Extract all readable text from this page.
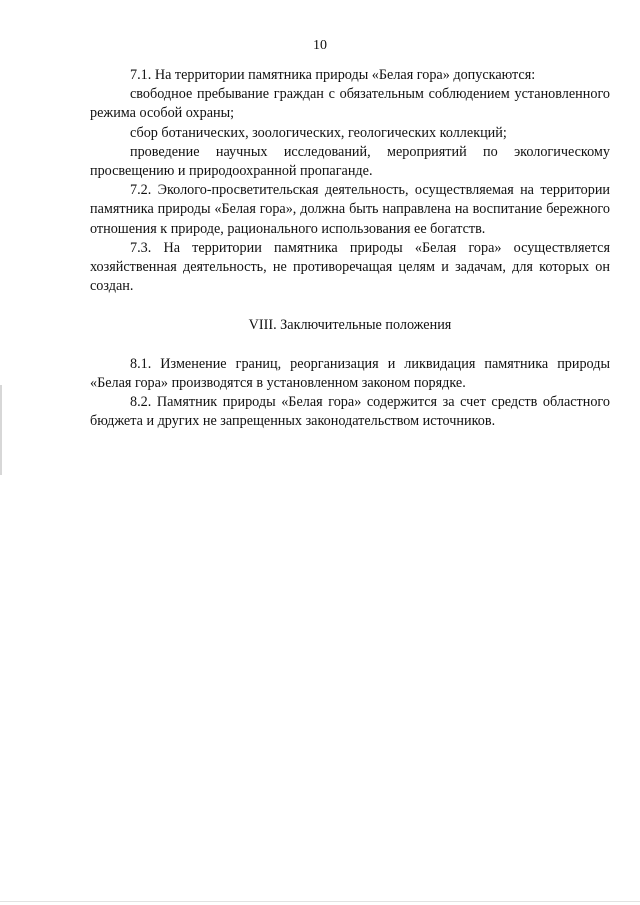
10

7.1. На территории памятника природы «Белая гора» допускаются:

свободное пребывание граждан с обязательным соблюдением установленного режима особой охраны;

сбор ботанических, зоологических, геологических коллекций;

проведение научных исследований, мероприятий по экологическому просвещению и природоохранной пропаганде.

7.2. Эколого-просветительская деятельность, осуществляемая на территории памятника природы «Белая гора», должна быть направлена на воспитание бережного отношения к природе, рационального использования ее богатств.

7.3. На территории памятника природы «Белая гора» осуществляется хозяйственная деятельность, не противоречащая целям и задачам, для которых он создан.

VIII. Заключительные положения

8.1. Изменение границ, реорганизация и ликвидация памятника природы «Белая гора» производятся в установленном законом порядке.

8.2. Памятник природы «Белая гора» содержится за счет средств областного бюджета и других не запрещенных законодательством источников.
